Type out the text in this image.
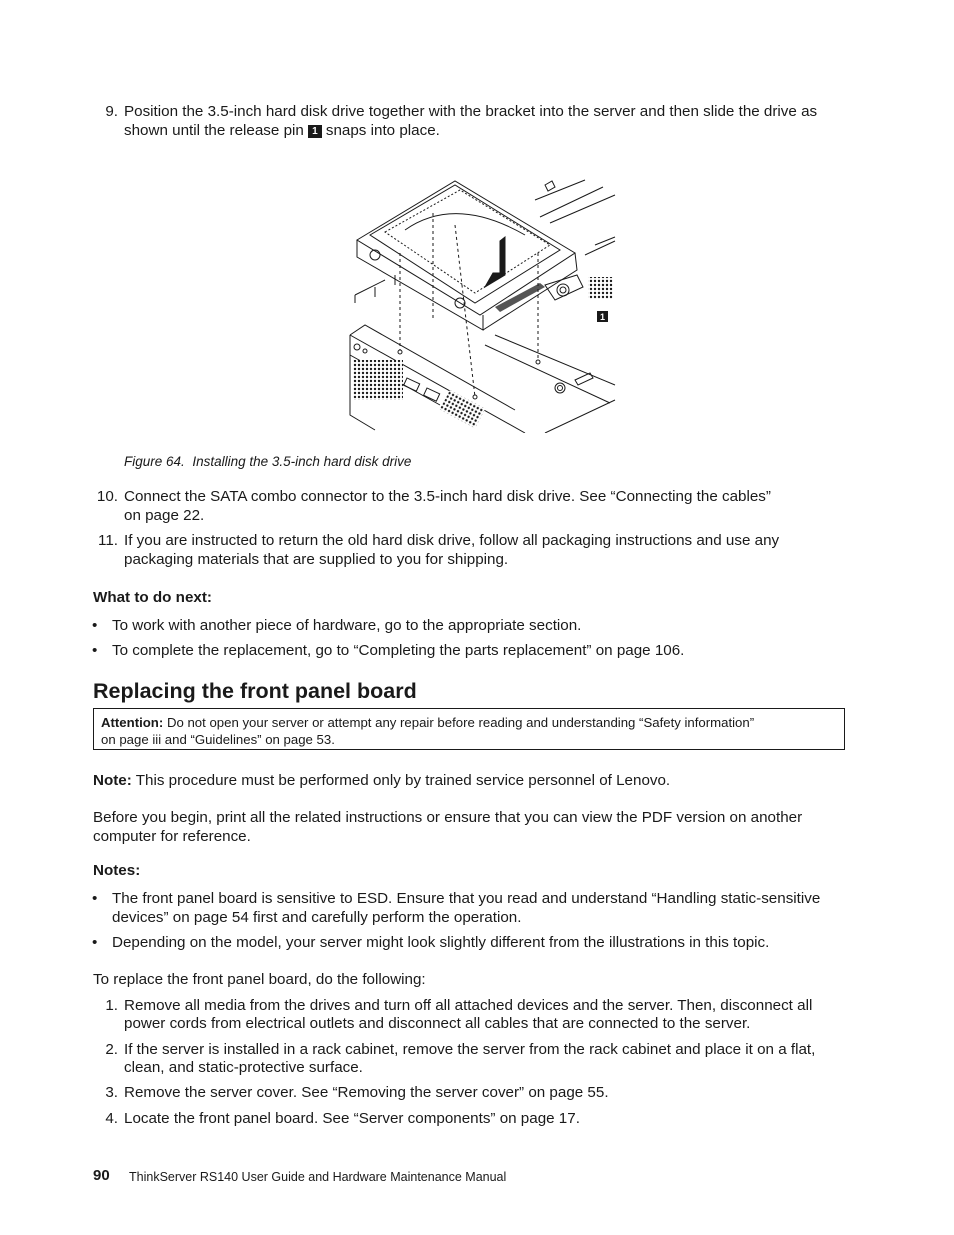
9. Position the 3.5-inch hard disk drive together with the bracket into the server and then slide the drive as
shown until the release pin 1 snaps into place.
1
Figure 64. Installing the 3.5-inch hard disk drive
10. Connect the SATA combo connector to the 3.5-inch hard disk drive. See “Connecting the cables”
on page 22.
11. If you are instructed to return the old hard disk drive, follow all packaging instructions and use any
packaging materials that are supplied to you for shipping.
What to do next:
• To work with another piece of hardware, go to the appropriate section.
• To complete the replacement, go to “Completing the parts replacement” on page 106.
Replacing the front panel board
Attention: Do not open your server or attempt any repair before reading and understanding “Safety information”
on page iii and “Guidelines” on page 53.
Note: This procedure must be performed only by trained service personnel of Lenovo.
Before you begin, print all the related instructions or ensure that you can view the PDF version on another
computer for reference.
Notes:
• The front panel board is sensitive to ESD. Ensure that you read and understand “Handling static-sensitive
devices” on page 54 first and carefully perform the operation.
• Depending on the model, your server might look slightly different from the illustrations in this topic.
To replace the front panel board, do the following:
1. Remove all media from the drives and turn off all attached devices and the server. Then, disconnect all
power cords from electrical outlets and disconnect all cables that are connected to the server.
2. If the server is installed in a rack cabinet, remove the server from the rack cabinet and place it on a flat,
clean, and static-protective surface.
3. Remove the server cover. See “Removing the server cover” on page 55.
4. Locate the front panel board. See “Server components” on page 17.
90 ThinkServer RS140 User Guide and Hardware Maintenance Manual
